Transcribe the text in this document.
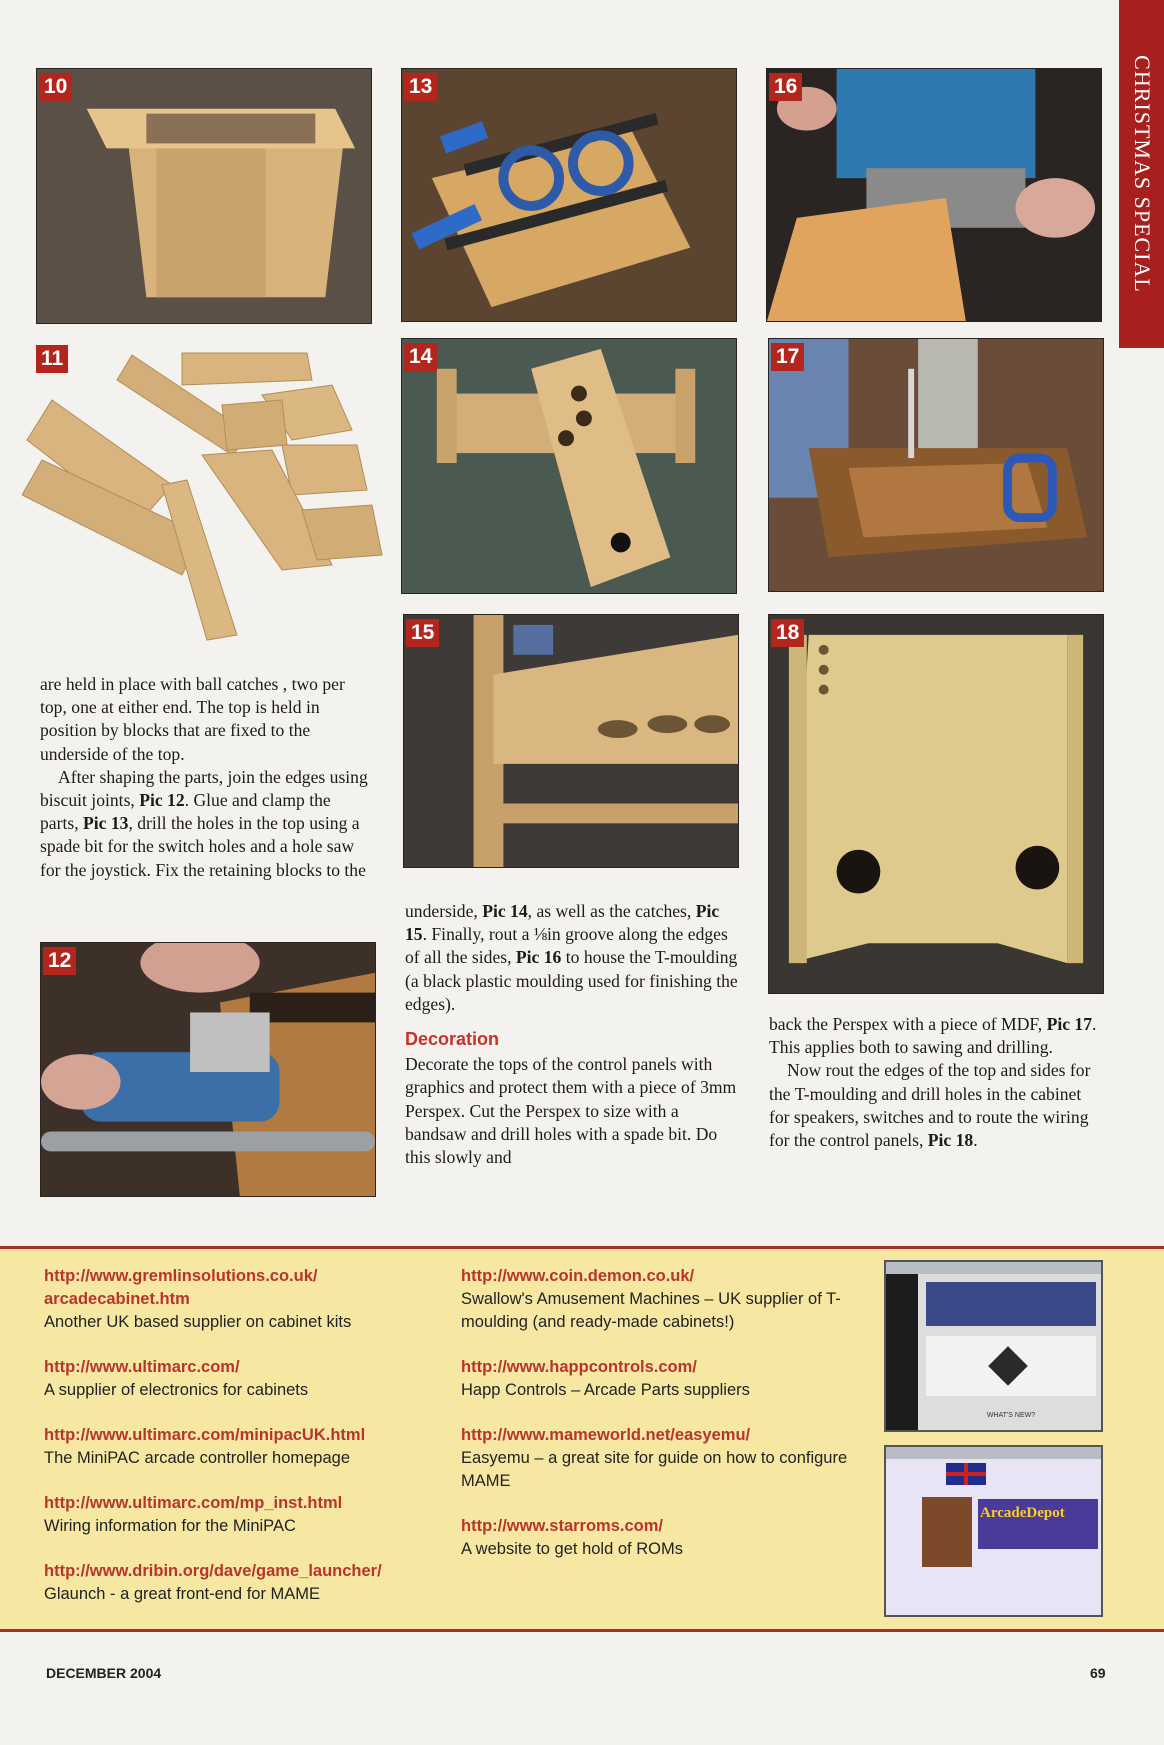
CHRISTMAS SPECIAL
10
11
13
14
15
16
17
18
12

are held in place with ball catches , two per top, one at either end. The top is held in position by blocks that are fixed to the underside of the top.

After shaping the parts, join the edges using biscuit joints, Pic 12. Glue and clamp the parts, Pic 13, drill the holes in the top using a spade bit for the switch holes and a hole saw for the joystick. Fix the retaining blocks to the

underside, Pic 14, as well as the catches, Pic 15. Finally, rout a ⅛in groove along the edges of all the sides, Pic 16 to house the T-moulding (a black plastic moulding used for finishing the edges).

Decoration

Decorate the tops of the control panels with graphics and protect them with a piece of 3mm Perspex. Cut the Perspex to size with a bandsaw and drill holes with a spade bit. Do this slowly and

back the Perspex with a piece of MDF, Pic 17. This applies both to sawing and drilling.

Now rout the edges of the top and sides for the T-moulding and drill holes in the cabinet for speakers, switches and to route the wiring for the control panels, Pic 18.

http://www.gremlinsolutions.co.uk/ arcadecabinet.htm
Another UK based supplier on cabinet kits
http://www.ultimarc.com/
A supplier of electronics for cabinets
http://www.ultimarc.com/minipacUK.html
The MiniPAC arcade controller homepage
http://www.ultimarc.com/mp_inst.html
Wiring information for the MiniPAC
http://www.dribin.org/dave/game_launcher/
Glaunch - a great front-end for MAME
http://www.coin.demon.co.uk/
Swallow's Amusement Machines – UK supplier of T-moulding (and ready-made cabinets!)
http://www.happcontrols.com/
Happ Controls – Arcade Parts suppliers
http://www.mameworld.net/easyemu/
Easyemu – a great site for guide on how to configure MAME
http://www.starroms.com/
A website to get hold of ROMs
WHAT'S NEW?
ArcadeDepot
DECEMBER 2004	69
